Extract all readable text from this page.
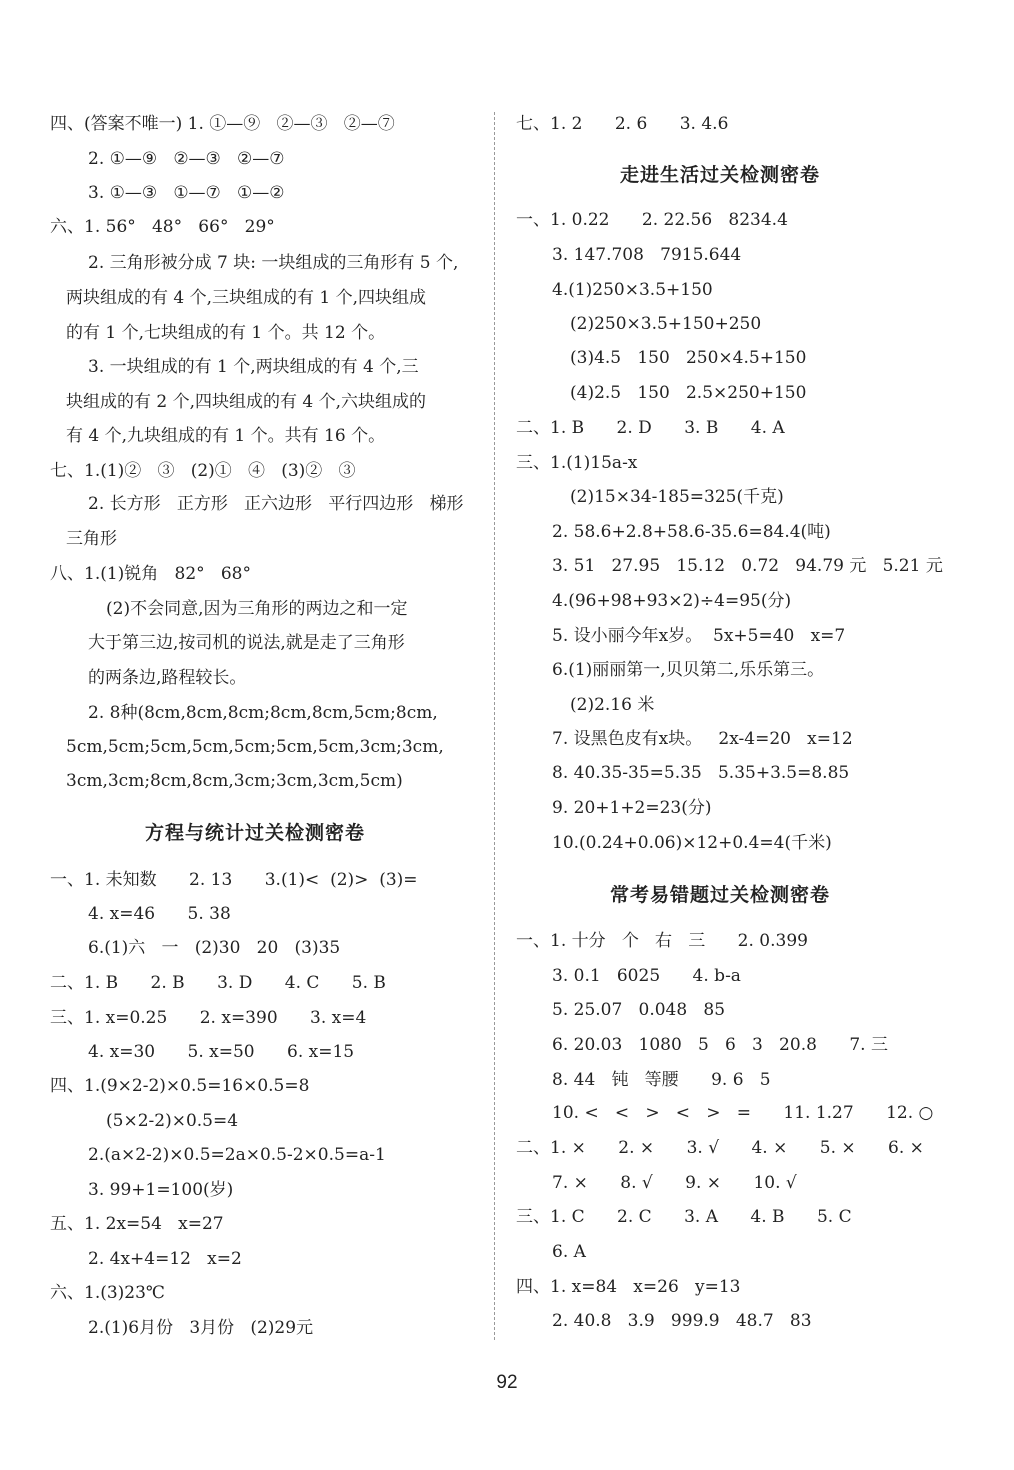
四、(答案不唯一) 1. ①—⑨   ②—③   ②—⑦
2. ①—⑨   ②—③   ②—⑦
3. ①—③   ①—⑦   ①—②
六、1. 56°   48°   66°   29°
2. 三角形被分成 7 块: 一块组成的三角形有 5 个,
两块组成的有 4 个,三块组成的有 1 个,四块组成
的有 1 个,七块组成的有 1 个。共 12 个。
3. 一块组成的有 1 个,两块组成的有 4 个,三
块组成的有 2 个,四块组成的有 4 个,六块组成的
有 4 个,九块组成的有 1 个。共有 16 个。
七、1.(1)②   ③   (2)①   ④   (3)②   ③
2. 长方形   正方形   正六边形   平行四边形   梯形
三角形
八、1.(1)锐角   82°   68°
(2)不会同意,因为三角形的两边之和一定
大于第三边,按司机的说法,就是走了三角形
的两条边,路程较长。
2. 8种(8cm,8cm,8cm;8cm,8cm,5cm;8cm,
5cm,5cm;5cm,5cm,5cm;5cm,5cm,3cm;3cm,
3cm,3cm;8cm,8cm,3cm;3cm,3cm,5cm)
方程与统计过关检测密卷
一、1. 未知数      2. 13      3.(1)<  (2)>  (3)=
4. x=46      5. 38
6.(1)六   一   (2)30   20   (3)35
二、1. B      2. B      3. D      4. C      5. B
三、1. x=0.25      2. x=390      3. x=4
4. x=30      5. x=50      6. x=15
四、1.(9×2-2)×0.5=16×0.5=8
(5×2-2)×0.5=4
2.(a×2-2)×0.5=2a×0.5-2×0.5=a-1
3. 99+1=100(岁)
五、1. 2x=54   x=27
2. 4x+4=12   x=2
六、1.(3)23℃
2.(1)6月份   3月份   (2)29元
七、1. 2      2. 6      3. 4.6
走进生活过关检测密卷
一、1. 0.22      2. 22.56   8234.4
3. 147.708   7915.644
4.(1)250×3.5+150
(2)250×3.5+150+250
(3)4.5   150   250×4.5+150
(4)2.5   150   2.5×250+150
二、1. B      2. D      3. B      4. A
三、1.(1)15a-x
(2)15×34-185=325(千克)
2. 58.6+2.8+58.6-35.6=84.4(吨)
3. 51   27.95   15.12   0.72   94.79 元   5.21 元
4.(96+98+93×2)÷4=95(分)
5. 设小丽今年x岁。  5x+5=40   x=7
6.(1)丽丽第一,贝贝第二,乐乐第三。
(2)2.16 米
7. 设黑色皮有x块。   2x-4=20   x=12
8. 40.35-35=5.35   5.35+3.5=8.85
9. 20+1+2=23(分)
10.(0.24+0.06)×12+0.4=4(千米)
常考易错题过关检测密卷
一、1. 十分   个   右   三      2. 0.399
3. 0.1   6025      4. b-a
5. 25.07   0.048   85
6. 20.03   1080   5   6   3   20.8      7. 三
8. 44   钝   等腰      9. 6   5
10. <   <   >   <   >   =      11. 1.27      12. ○
二、1. ×      2. ×      3. √      4. ×      5. ×      6. ×
7. ×      8. √      9. ×      10. √
三、1. C      2. C      3. A      4. B      5. C
6. A
四、1. x=84   x=26   y=13
2. 40.8   3.9   999.9   48.7   83
92
